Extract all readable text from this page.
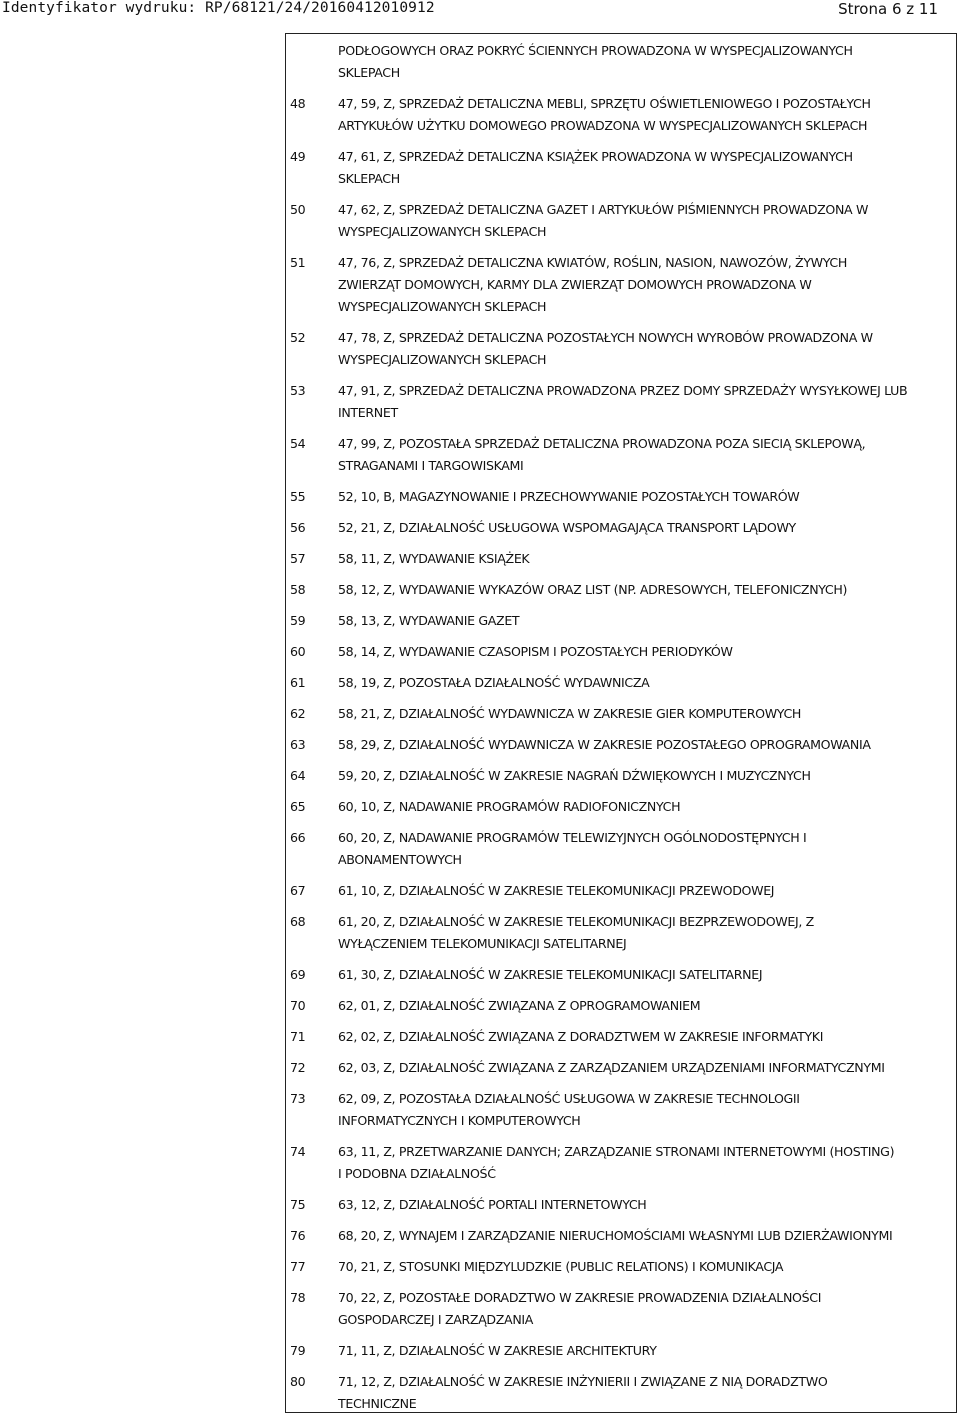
Identyfikator wydruku: RP/68121/24/20160412010912	Strona 6 z 11
PODŁOGOWYCH ORAZ POKRYĆ ŚCIENNYCH PROWADZONA W WYSPECJALIZOWANYCH
SKLEPACH
48	47, 59, Z, SPRZEDAŻ DETALICZNA MEBLI, SPRZĘTU OŚWIETLENIOWEGO I POZOSTAŁYCH
ARTYKUŁÓW UŻYTKU DOMOWEGO PROWADZONA W WYSPECJALIZOWANYCH SKLEPACH
49	47, 61, Z, SPRZEDAŻ DETALICZNA KSIĄŻEK PROWADZONA W WYSPECJALIZOWANYCH
SKLEPACH
50	47, 62, Z, SPRZEDAŻ DETALICZNA GAZET I ARTYKUŁÓW PIŚMIENNYCH PROWADZONA W
WYSPECJALIZOWANYCH SKLEPACH
51	47, 76, Z, SPRZEDAŻ DETALICZNA KWIATÓW, ROŚLIN, NASION, NAWOZÓW, ŻYWYCH
ZWIERZĄT DOMOWYCH, KARMY DLA ZWIERZĄT DOMOWYCH PROWADZONA W
WYSPECJALIZOWANYCH SKLEPACH
52	47, 78, Z, SPRZEDAŻ DETALICZNA POZOSTAŁYCH NOWYCH WYROBÓW PROWADZONA W
WYSPECJALIZOWANYCH SKLEPACH
53	47, 91, Z, SPRZEDAŻ DETALICZNA PROWADZONA PRZEZ DOMY SPRZEDAŻY WYSYŁKOWEJ LUB
INTERNET
54	47, 99, Z, POZOSTAŁA SPRZEDAŻ DETALICZNA PROWADZONA POZA SIECIĄ SKLEPOWĄ,
STRAGANAMI I TARGOWISKAMI
55	52, 10, B, MAGAZYNOWANIE I PRZECHOWYWANIE POZOSTAŁYCH TOWARÓW
56	52, 21, Z, DZIAŁALNOŚĆ USŁUGOWA WSPOMAGAJĄCA TRANSPORT LĄDOWY
57	58, 11, Z, WYDAWANIE KSIĄŻEK
58	58, 12, Z, WYDAWANIE WYKAZÓW ORAZ LIST (NP. ADRESOWYCH, TELEFONICZNYCH)
59	58, 13, Z, WYDAWANIE GAZET
60	58, 14, Z, WYDAWANIE CZASOPISM I POZOSTAŁYCH PERIODYKÓW
61	58, 19, Z, POZOSTAŁA DZIAŁALNOŚĆ WYDAWNICZA
62	58, 21, Z, DZIAŁALNOŚĆ WYDAWNICZA W ZAKRESIE GIER KOMPUTEROWYCH
63	58, 29, Z, DZIAŁALNOŚĆ WYDAWNICZA W ZAKRESIE POZOSTAŁEGO OPROGRAMOWANIA
64	59, 20, Z, DZIAŁALNOŚĆ W ZAKRESIE NAGRAŃ DŹWIĘKOWYCH I MUZYCZNYCH
65	60, 10, Z, NADAWANIE PROGRAMÓW RADIOFONICZNYCH
66	60, 20, Z, NADAWANIE PROGRAMÓW TELEWIZYJNYCH OGÓLNODOSTĘPNYCH I
ABONAMENTOWYCH
67	61, 10, Z, DZIAŁALNOŚĆ W ZAKRESIE TELEKOMUNIKACJI PRZEWODOWEJ
68	61, 20, Z, DZIAŁALNOŚĆ W ZAKRESIE TELEKOMUNIKACJI BEZPRZEWODOWEJ, Z
WYŁĄCZENIEM TELEKOMUNIKACJI SATELITARNEJ
69	61, 30, Z, DZIAŁALNOŚĆ W ZAKRESIE TELEKOMUNIKACJI SATELITARNEJ
70	62, 01, Z, DZIAŁALNOŚĆ ZWIĄZANA Z OPROGRAMOWANIEM
71	62, 02, Z, DZIAŁALNOŚĆ ZWIĄZANA Z DORADZTWEM W ZAKRESIE INFORMATYKI
72	62, 03, Z, DZIAŁALNOŚĆ ZWIĄZANA Z ZARZĄDZANIEM URZĄDZENIAMI INFORMATYCZNYMI
73	62, 09, Z, POZOSTAŁA DZIAŁALNOŚĆ USŁUGOWA W ZAKRESIE TECHNOLOGII
INFORMATYCZNYCH I KOMPUTEROWYCH
74	63, 11, Z, PRZETWARZANIE DANYCH; ZARZĄDZANIE STRONAMI INTERNETOWYMI (HOSTING)
I PODOBNA DZIAŁALNOŚĆ
75	63, 12, Z, DZIAŁALNOŚĆ PORTALI INTERNETOWYCH
76	68, 20, Z, WYNAJEM I ZARZĄDZANIE NIERUCHOMOŚCIAMI WŁASNYMI LUB DZIERŻAWIONYMI
77	70, 21, Z, STOSUNKI MIĘDZYLUDZKIE (PUBLIC RELATIONS) I KOMUNIKACJA
78	70, 22, Z, POZOSTAŁE DORADZTWO W ZAKRESIE PROWADZENIA DZIAŁALNOŚCI
GOSPODARCZEJ I ZARZĄDZANIA
79	71, 11, Z, DZIAŁALNOŚĆ W ZAKRESIE ARCHITEKTURY
80	71, 12, Z, DZIAŁALNOŚĆ W ZAKRESIE INŻYNIERII I ZWIĄZANE Z NIĄ DORADZTWO
TECHNICZNE
